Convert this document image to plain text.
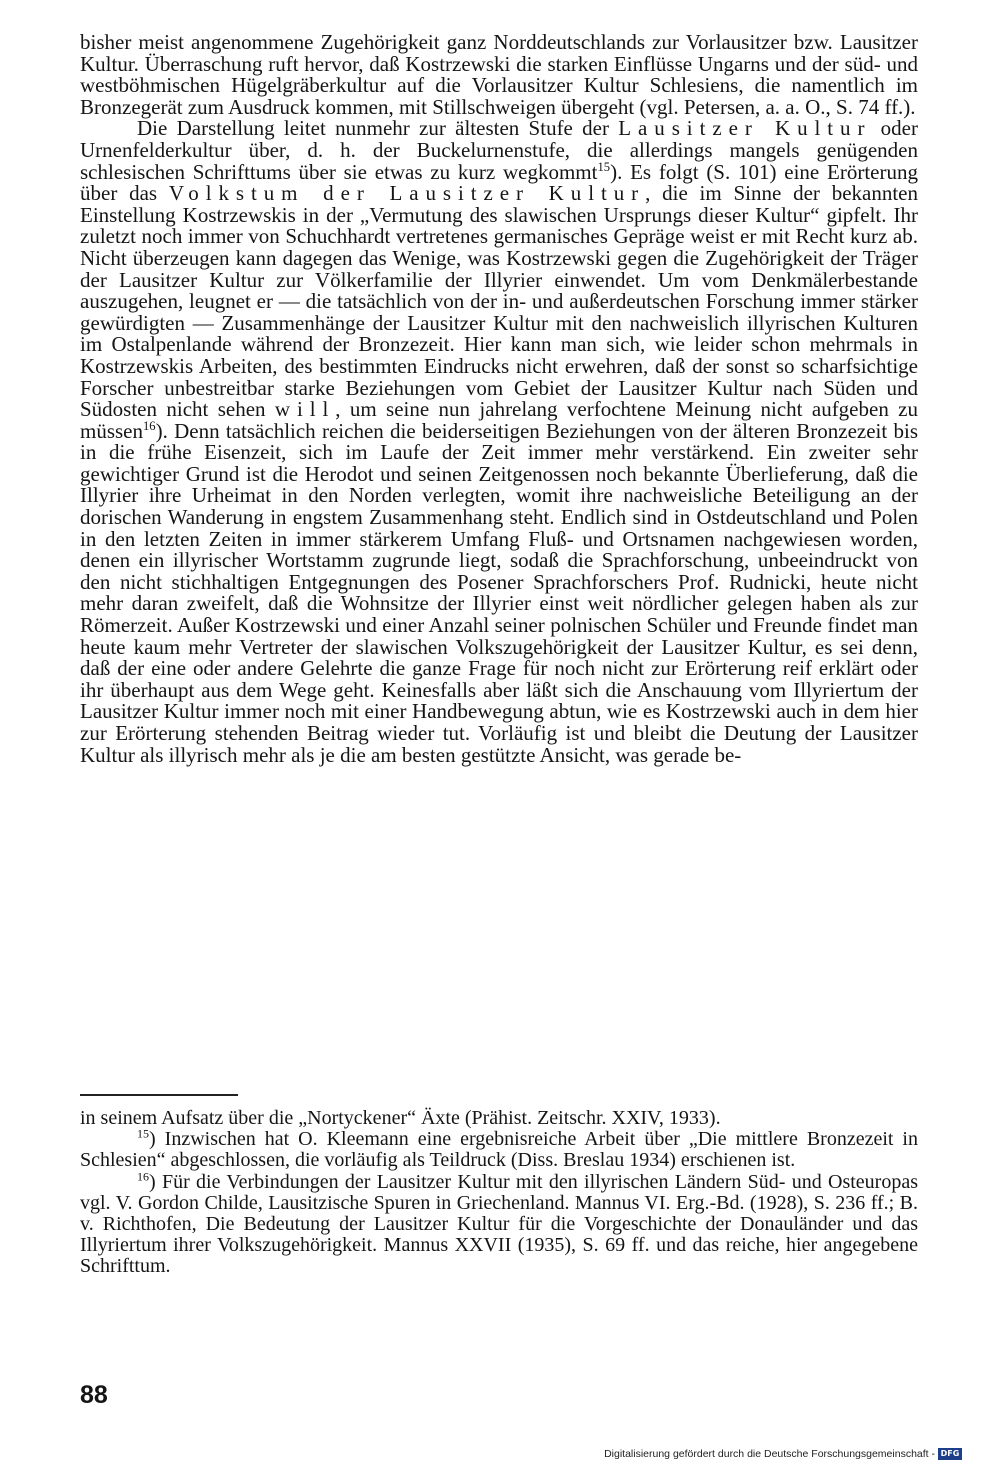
bisher meist angenommene Zugehörigkeit ganz Norddeutschlands zur Vorlausitzer bzw. Lausitzer Kultur. Überraschung ruft hervor, daß Kostrzewski die starken Einflüsse Ungarns und der süd- und westböhmischen Hügelgräberkultur auf die Vorlausitzer Kultur Schlesiens, die namentlich im Bronzegerät zum Ausdruck kommen, mit Stillschweigen übergeht (vgl. Petersen, a. a. O., S. 74 ff.).

Die Darstellung leitet nunmehr zur ältesten Stufe der Lausitzer Kultur oder Urnenfelderkultur über, d. h. der Buckelurnenstufe, die allerdings mangels genügenden schlesischen Schrifttums über sie etwas zu kurz wegkommt$^{15}$). Es folgt (S. 101) eine Erörterung über das Volkstum der Lausitzer Kultur, die im Sinne der bekannten Einstellung Kostrzewskis in der „Vermutung des slawischen Ursprungs dieser Kultur“ gipfelt. Ihr zuletzt noch immer von Schuchhardt vertretenes germanisches Gepräge weist er mit Recht kurz ab. Nicht überzeugen kann dagegen das Wenige, was Kostrzewski gegen die Zugehörigkeit der Träger der Lausitzer Kultur zur Völkerfamilie der Illyrier einwendet. Um vom Denkmälerbestande auszugehen, leugnet er — die tatsächlich von der in- und außerdeutschen Forschung immer stärker gewürdigten — Zusammenhänge der Lausitzer Kultur mit den nachweislich illyrischen Kulturen im Ostalpenlande während der Bronzezeit. Hier kann man sich, wie leider schon mehrmals in Kostrzewskis Arbeiten, des bestimmten Eindrucks nicht erwehren, daß der sonst so scharfsichtige Forscher unbestreitbar starke Beziehungen vom Gebiet der Lausitzer Kultur nach Süden und Südosten nicht sehen will, um seine nun jahrelang verfochtene Meinung nicht aufgeben zu müssen$^{16}$). Denn tatsächlich reichen die beiderseitigen Beziehungen von der älteren Bronzezeit bis in die frühe Eisenzeit, sich im Laufe der Zeit immer mehr verstärkend. Ein zweiter sehr gewichtiger Grund ist die Herodot und seinen Zeitgenossen noch bekannte Überlieferung, daß die Illyrier ihre Urheimat in den Norden verlegten, womit ihre nachweisliche Beteiligung an der dorischen Wanderung in engstem Zusammenhang steht. Endlich sind in Ostdeutschland und Polen in den letzten Zeiten in immer stärkerem Umfang Fluß- und Ortsnamen nachgewiesen worden, denen ein illyrischer Wortstamm zugrunde liegt, sodaß die Sprachforschung, unbeeindruckt von den nicht stichhaltigen Entgegnungen des Posener Sprachforschers Prof. Rudnicki, heute nicht mehr daran zweifelt, daß die Wohnsitze der Illyrier einst weit nördlicher gelegen haben als zur Römerzeit. Außer Kostrzewski und einer Anzahl seiner polnischen Schüler und Freunde findet man heute kaum mehr Vertreter der slawischen Volkszugehörigkeit der Lausitzer Kultur, es sei denn, daß der eine oder andere Gelehrte die ganze Frage für noch nicht zur Erörterung reif erklärt oder ihr überhaupt aus dem Wege geht. Keinesfalls aber läßt sich die Anschauung vom Illyriertum der Lausitzer Kultur immer noch mit einer Handbewegung abtun, wie es Kostrzewski auch in dem hier zur Erörterung stehenden Beitrag wieder tut. Vorläufig ist und bleibt die Deutung der Lausitzer Kultur als illyrisch mehr als je die am besten gestützte Ansicht, was gerade be-

in seinem Aufsatz über die „Nortyckener“ Äxte (Prähist. Zeitschr. XXIV, 1933).

$^{15}$) Inzwischen hat O. Kleemann eine ergebnisreiche Arbeit über „Die mittlere Bronzezeit in Schlesien“ abgeschlossen, die vorläufig als Teildruck (Diss. Breslau 1934) erschienen ist.

$^{16}$) Für die Verbindungen der Lausitzer Kultur mit den illyrischen Ländern Süd- und Osteuropas vgl. V. Gordon Childe, Lausitzische Spuren in Griechenland. Mannus VI. Erg.-Bd. (1928), S. 236 ff.; B. v. Richthofen, Die Bedeutung der Lausitzer Kultur für die Vorgeschichte der Donauländer und das Illyriertum ihrer Volkszugehörigkeit. Mannus XXVII (1935), S. 69 ff. und das reiche, hier angegebene Schrifttum.

88
Digitalisierung gefördert durch die Deutsche Forschungsgemeinschaft - DFG
